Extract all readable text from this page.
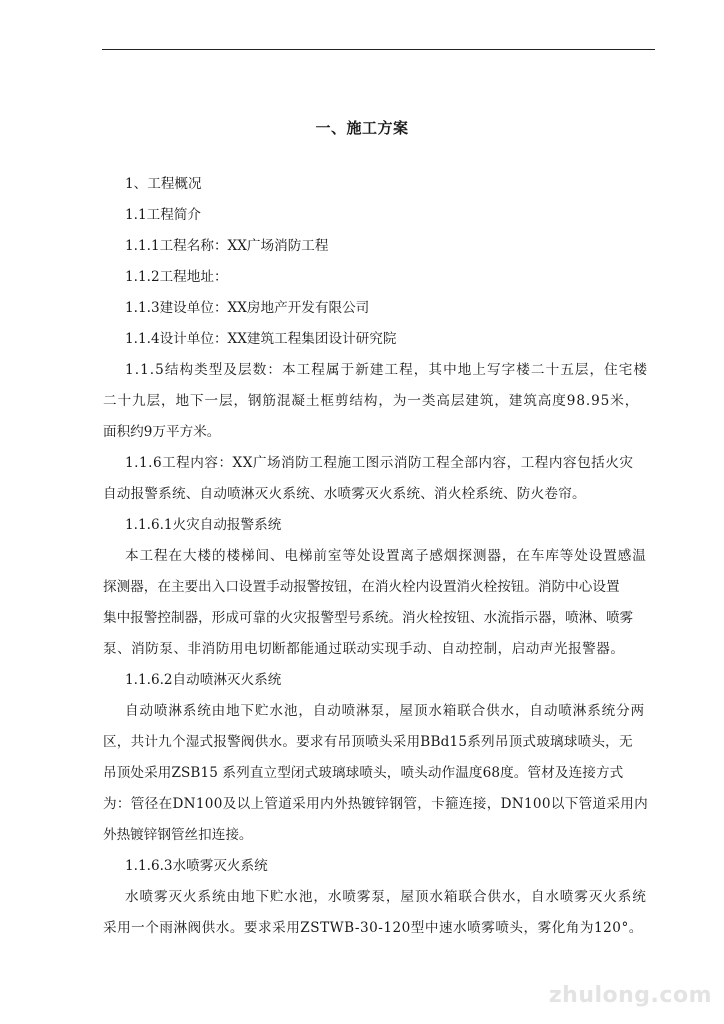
一、施工方案
1、工程概况
1.1工程简介
1.1.1工程名称：XX广场消防工程
1.1.2工程地址：
1.1.3建设单位：XX房地产开发有限公司
1.1.4设计单位：XX建筑工程集团设计研究院
1.1.5结构类型及层数：本工程属于新建工程，其中地上写字楼二十五层，住宅楼
二十九层，地下一层，钢筋混凝土框剪结构，为一类高层建筑，建筑高度98.95米，
面积约9万平方米。
1.1.6工程内容：XX广场消防工程施工图示消防工程全部内容，工程内容包括火灾
自动报警系统、自动喷淋灭火系统、水喷雾灭火系统、消火栓系统、防火卷帘。
1.1.6.1火灾自动报警系统
本工程在大楼的楼梯间、电梯前室等处设置离子感烟探测器，在车库等处设置感温
探测器，在主要出入口设置手动报警按钮，在消火栓内设置消火栓按钮。消防中心设置
集中报警控制器，形成可靠的火灾报警型号系统。消火栓按钮、水流指示器，喷淋、喷雾
泵、消防泵、非消防用电切断都能通过联动实现手动、自动控制，启动声光报警器。
1.1.6.2自动喷淋灭火系统
自动喷淋系统由地下贮水池，自动喷淋泵，屋顶水箱联合供水，自动喷淋系统分两
区，共计九个湿式报警阀供水。要求有吊顶喷头采用BBd15系列吊顶式玻璃球喷头，无
吊顶处采用ZSB15 系列直立型闭式玻璃球喷头，喷头动作温度68度。管材及连接方式
为：管径在DN100及以上管道采用内外热镀锌钢管，卡箍连接，DN100以下管道采用内
外热镀锌钢管丝扣连接。
1.1.6.3水喷雾灭火系统
水喷雾灭火系统由地下贮水池，水喷雾泵，屋顶水箱联合供水，自水喷雾灭火系统
采用一个雨淋阀供水。要求采用ZSTWB-30-120型中速水喷雾喷头，雾化角为120°。
zhulong.com
